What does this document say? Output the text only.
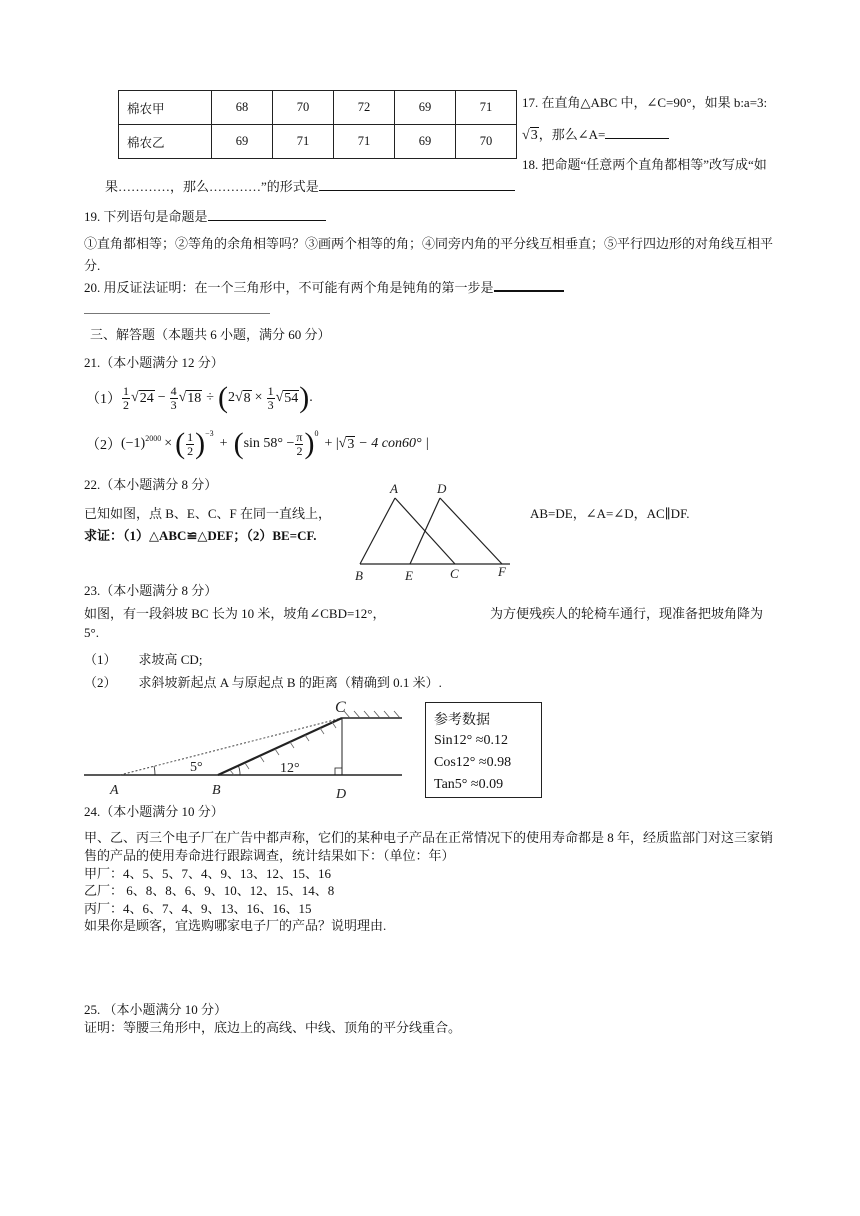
棉农甲	68	70	72	69	71
棉农乙	69	71	71	69	70
17. 在直角△ABC 中，∠C=90°，如果 b:a=3:
√3，那么∠A=
18. 把命题“任意两个直角都相等”改写成“如
果…………，那么…………”的形式是
19. 下列语句是命题是
①直角都相等；②等角的余角相等吗？③画两个相等的角；④同旁内角的平分线互相垂直；⑤平行四边形的对角线互相平
分.
20. 用反证法证明：在一个三角形中，不可能有两个角是钝角的第一步是
三、解答题（本题共 6 小题，满分 60 分）
21.（本小题满分 12 分）
$(1) \frac{1}{2}$ √ $24 - \frac{4}{3}$ √ 18 ÷ ( 2 √ $8 \times \frac{1}{3}$ √ 54 ) .
（2） $(-1)^{2000}$ × ( $\frac{1}{2} )^{-3}$
+ ( $\sin 58^\circ - \frac{\pi}{2} )^0$
+ | √ 3 − 4 con60° |
22.（本小题满分 8 分）
已知如图，点 B、E、C、F 在同一直线上，	AB=DE，∠A=∠D，AC∥DF.
求证：（1）△ABC≌△DEF；（2）BE=CF.
A	D
B	E	C	F
23.（本小题满分 8 分）
如图，有一段斜坡 BC 长为 10 米，坡角∠CBD=12°，	为方便残疾人的轮椅车通行，现准备把坡角降为
5°.
（1） 求坡高 CD;
（2） 求斜坡新起点 A 与原起点 B 的距离（精确到 0.1 米）.
5°	12°
A	B
C
D
参考数据
Sin12° ≈0.12
Cos12° ≈0.98
Tan5° ≈0.09
24.（本小题满分 10 分）
甲、乙、丙三个电子厂在广告中都声称，它们的某种电子产品在正常情况下的使用寿命都是 8 年，经质监部门对这三家销
售的产品的使用寿命进行跟踪调查，统计结果如下：（单位：年）
甲厂：4、5、5、7、4、9、13、12、15、16
乙厂： 6、8、8、6、9、10、12、15、14、8
丙厂：4、6、7、4、9、13、16、16、15
如果你是顾客，宜选购哪家电子厂的产品？说明理由.
25. （本小题满分 10 分）
证明：等腰三角形中，底边上的高线、中线、顶角的平分线重合。
